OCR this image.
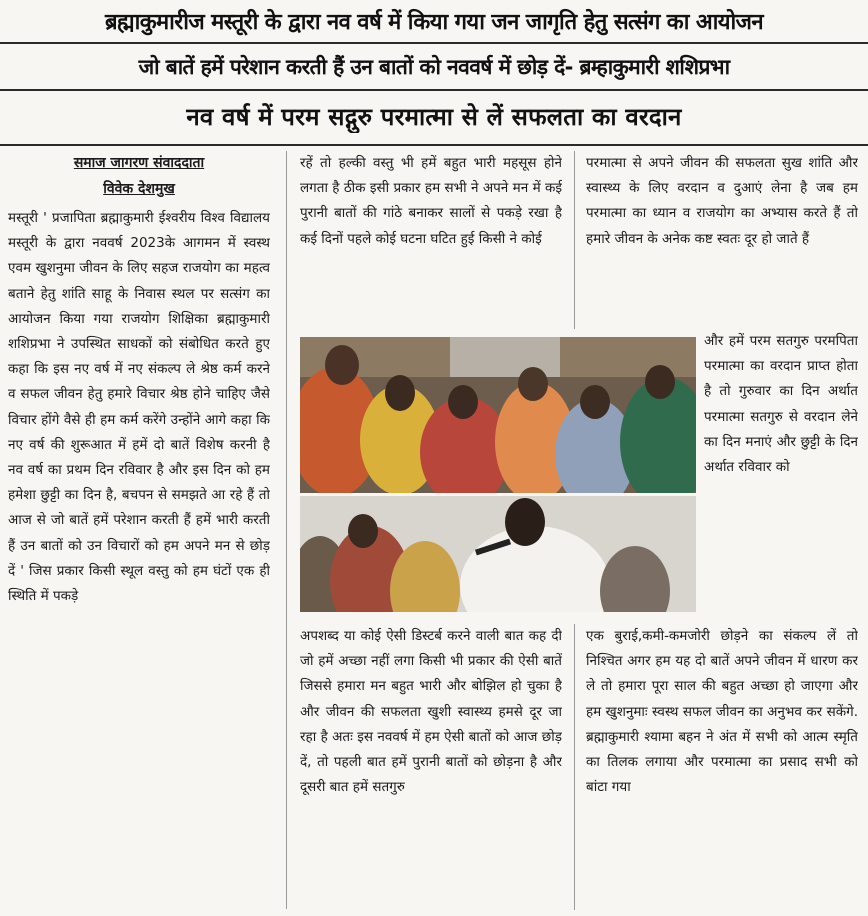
ब्रह्माकुमारीज मस्तूरी के द्वारा नव वर्ष में किया गया जन जागृति हेतु सत्संग का आयोजन
जो बातें हमें परेशान करती हैं उन बातों को नववर्ष में छोड़ दें- ब्रम्हाकुमारी शशिप्रभा
नव वर्ष में परम सद्गुरु परमात्मा से लें सफलता का वरदान
समाज जागरण संवाददाता
विवेक देशमुख
मस्तूरी ' प्रजापिता ब्रह्माकुमारी ईश्वरीय विश्व विद्यालय मस्तूरी के द्वारा नववर्ष 2023के आगमन में स्वस्थ एवम खुशनुमा जीवन के लिए सहज राजयोग का महत्व बताने हेतु शांति साहू के निवास स्थल पर सत्संग का आयोजन किया गया राजयोग शिक्षिका ब्रह्माकुमारी शशिप्रभा ने उपस्थित साधकों को संबोधित करते हुए कहा कि इस नए वर्ष में नए संकल्प ले श्रेष्ठ कर्म करने व सफल जीवन हेतु हमारे विचार श्रेष्ठ होने चाहिए जैसे विचार होंगे वैसे ही हम कर्म करेंगे उन्होंने आगे कहा कि नए वर्ष की शुरूआत में हमें दो बातें विशेष करनी है नव वर्ष का प्रथम दिन रविवार है और इस दिन को हम हमेशा छुट्टी का दिन है, बचपन से समझते आ रहे हैं तो आज से जो बातें हमें परेशान करती हैं हमें भारी करती हैं उन बातों को उन विचारों को हम अपने मन से छोड़ दें ' जिस प्रकार किसी स्थूल वस्तु को हम घंटों एक ही स्थिति में पकड़े
रहें तो हल्की वस्तु भी हमें बहुत भारी महसूस होने लगता है ठीक इसी प्रकार हम सभी ने अपने मन में कई पुरानी बातों की गांठे बनाकर सालों से पकड़े रखा है कई दिनों पहले कोई घटना घटित हुई किसी ने कोई
परमात्मा से अपने जीवन की सफलता सुख शांति और स्वास्थ्य के लिए वरदान व दुआएं लेना है जब हम परमात्मा का ध्यान व राजयोग का अभ्यास करते हैं तो हमारे जीवन के अनेक कष्ट स्वतः दूर हो जाते हैं
और हमें परम सतगुरु परमपिता परमात्मा का वरदान प्राप्त होता है तो गुरुवार का दिन अर्थात परमात्मा सतगुरु से वरदान लेने का दिन मनाएं और छुट्टी के दिन अर्थात रविवार को
अपशब्द या कोई ऐसी डिस्टर्ब करने वाली बात कह दी जो हमें अच्छा नहीं लगा किसी भी प्रकार की ऐसी बातें जिससे हमारा मन बहुत भारी और बोझिल हो चुका है और जीवन की सफलता खुशी स्वास्थ्य हमसे दूर जा रहा है अतः इस नववर्ष में हम ऐसी बातों को आज छोड़ दें, तो पहली बात हमें पुरानी बातों को छोड़ना है और दूसरी बात हमें सतगुरु
एक बुराई,कमी-कमजोरी छोड़ने का संकल्प लें तो निश्चित अगर हम यह दो बातें अपने जीवन में धारण कर ले तो हमारा पूरा साल की बहुत अच्छा हो जाएगा और हम खुशनुमाः स्वस्थ सफल जीवन का अनुभव कर सकेंगे. ब्रह्माकुमारी श्यामा बहन ने अंत में सभी को आत्म स्मृति का तिलक लगाया और परमात्मा का प्रसाद सभी को बांटा गया
